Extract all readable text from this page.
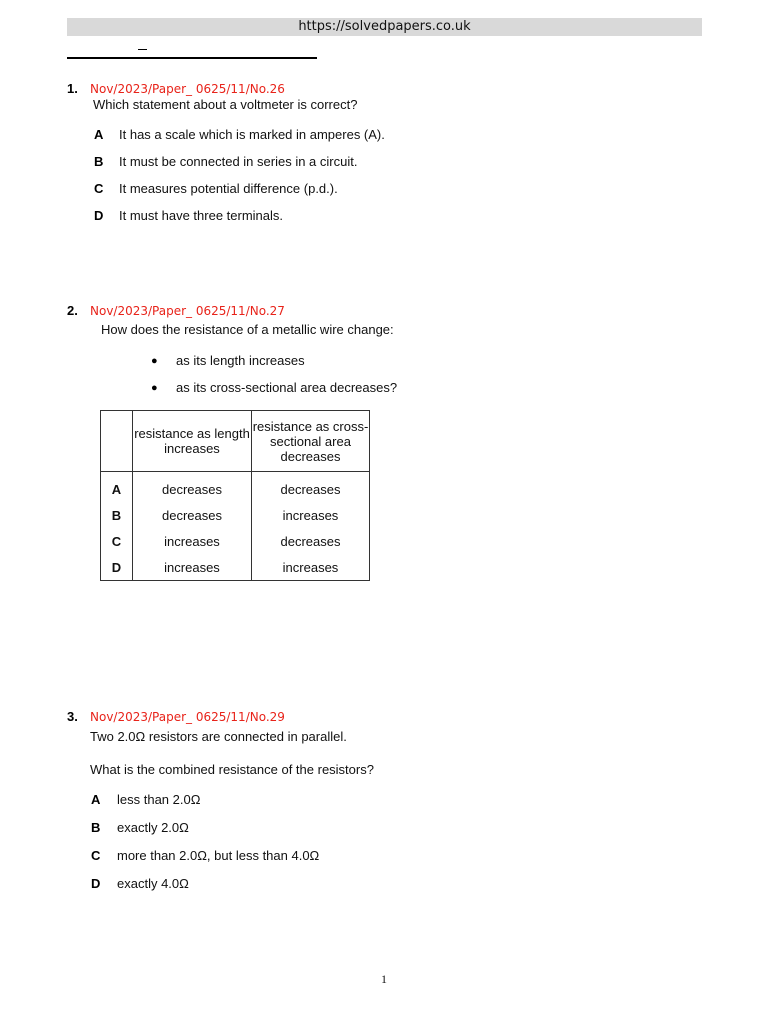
https://solvedpapers.co.uk
1. Nov/2023/Paper_ 0625/11/No.26
Which statement about a voltmeter is correct?
A It has a scale which is marked in amperes (A).
B It must be connected in series in a circuit.
C It measures potential difference (p.d.).
D It must have three terminals.
2. Nov/2023/Paper_ 0625/11/No.27
How does the resistance of a metallic wire change:
● as its length increases
● as its cross-sectional area decreases?
	resistance as length increases	resistance as cross-sectional area decreases
A	decreases	decreases
B	decreases	increases
C	increases	decreases
D	increases	increases
3. Nov/2023/Paper_ 0625/11/No.29
Two 2.0Ω resistors are connected in parallel.
What is the combined resistance of the resistors?
A less than 2.0Ω
B exactly 2.0Ω
C more than 2.0Ω, but less than 4.0Ω
D exactly 4.0Ω
1
